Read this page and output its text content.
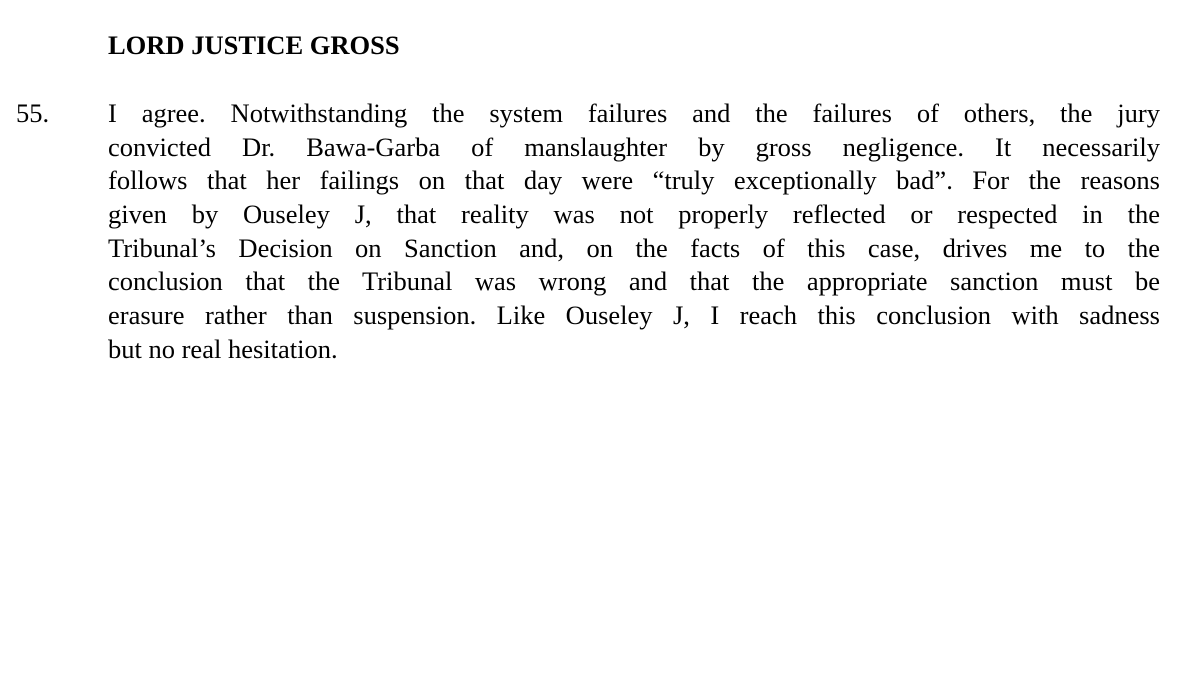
LORD JUSTICE GROSS
55. I agree. Notwithstanding the system failures and the failures of others, the jury
convicted Dr. Bawa-Garba of manslaughter by gross negligence. It necessarily
follows that her failings on that day were “truly exceptionally bad”. For the reasons
given by Ouseley J, that reality was not properly reflected or respected in the
Tribunal’s Decision on Sanction and, on the facts of this case, drives me to the
conclusion that the Tribunal was wrong and that the appropriate sanction must be
erasure rather than suspension. Like Ouseley J, I reach this conclusion with sadness
but no real hesitation.
